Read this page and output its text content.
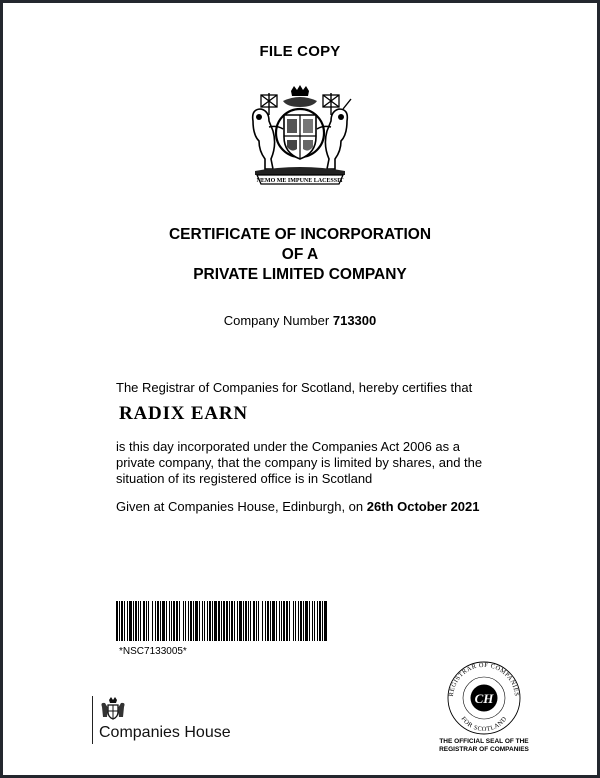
FILE COPY
NEMO ME IMPUNE LACESSIT
CERTIFICATE OF INCORPORATION
OF A
PRIVATE LIMITED COMPANY
Company Number 713300
The Registrar of Companies for Scotland, hereby certifies that
RADIX EARN
is this day incorporated under the Companies Act 2006 as a private company, that the company is limited by shares, and the situation of its registered office is in Scotland
Given at Companies House, Edinburgh, on 26th October 2021
*NSC7133005*
Companies House
CH
REGISTRAR OF COMPANIES
FOR SCOTLAND
THE OFFICIAL SEAL OF THE
REGISTRAR OF COMPANIES
